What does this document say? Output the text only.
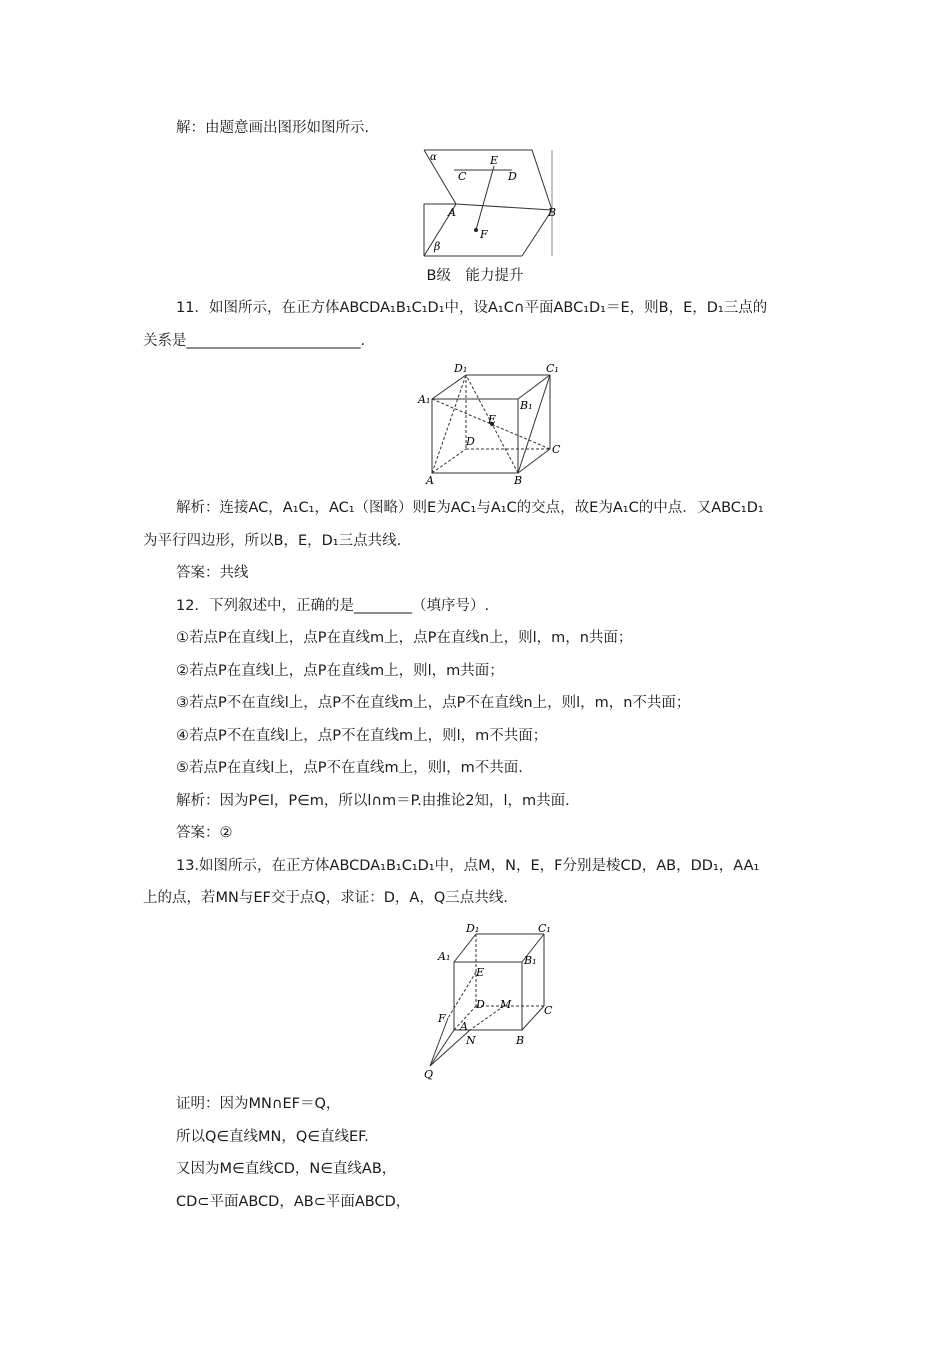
解：由题意画出图形如图所示.
α
C
E
D
A	B
F
β
B级　能力提升
11．如图所示，在正方体ABCDA₁B₁C₁D₁中，设A₁C∩平面ABC₁D₁＝E，则B，E，D₁三点的
关系是________________________.
D₁	C₁
A₁	B₁
E
D
C
A	B
解析：连接AC，A₁C₁，AC₁（图略）则E为AC₁与A₁C的交点，故E为A₁C的中点．又ABC₁D₁
为平行四边形，所以B，E，D₁三点共线.
答案：共线
12．下列叙述中，正确的是________（填序号）.
①若点P在直线l上，点P在直线m上，点P在直线n上，则l，m，n共面；
②若点P在直线l上，点P在直线m上，则l，m共面；
③若点P不在直线l上，点P不在直线m上，点P不在直线n上，则l，m，n不共面；
④若点P不在直线l上，点P不在直线m上，则l，m不共面；
⑤若点P在直线l上，点P不在直线m上，则l，m不共面.
解析：因为P∈l，P∈m，所以l∩m＝P.由推论2知，l，m共面.
答案：②
13.如图所示，在正方体ABCDA₁B₁C₁D₁中，点M，N，E，F分别是棱CD，AB，DD₁，AA₁
上的点，若MN与EF交于点Q，求证：D，A，Q三点共线.
D₁	C₁
A₁	B₁
E
D M	C
F
A
N	B
Q
证明：因为MN∩EF＝Q，
所以Q∈直线MN，Q∈直线EF.
又因为M∈直线CD，N∈直线AB，
CD⊂平面ABCD，AB⊂平面ABCD，
